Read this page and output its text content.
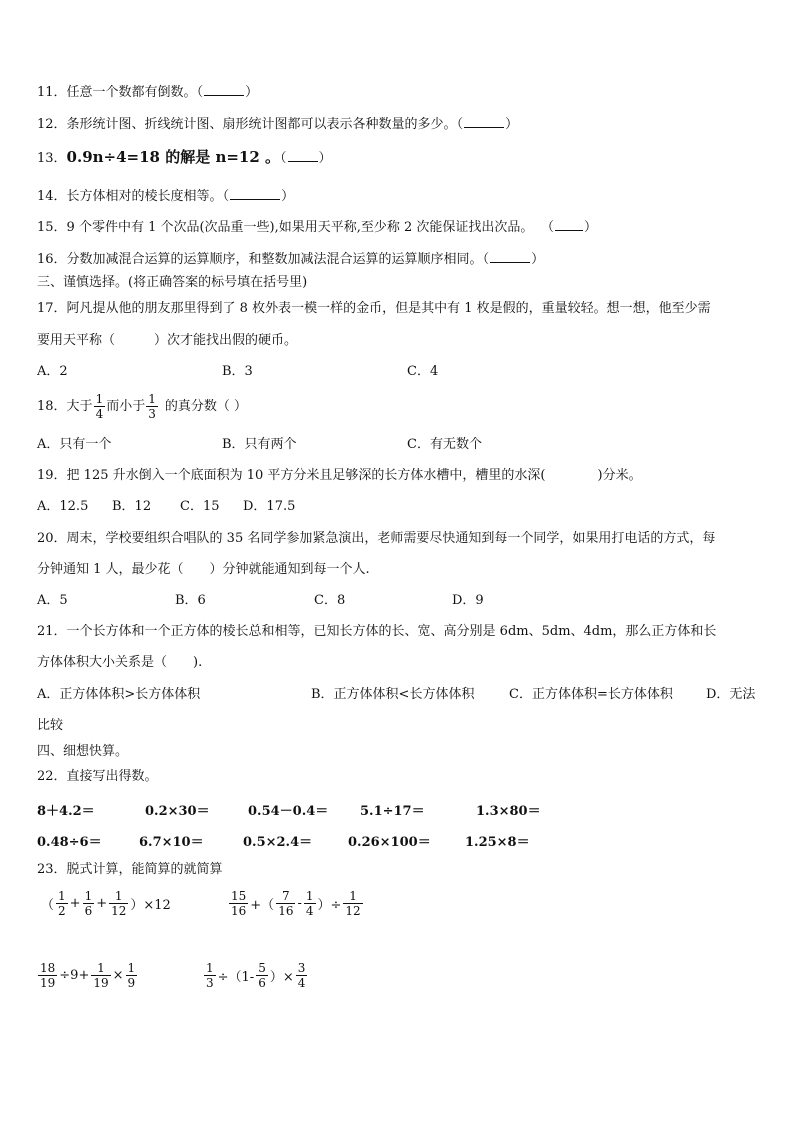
11．任意一个数都有倒数。（	）
12．条形统计图、折线统计图、扇形统计图都可以表示各种数量的多少。（	）
13．0.9n÷4=18 的解是 n=12 。（ ）
14．长方体相对的棱长度相等。（	）
15．9 个零件中有 1 个次品(次品重一些),如果用天平称,至少称 2 次能保证找出次品。 （ ）
16．分数加减混合运算的运算顺序，和整数加减法混合运算的运算顺序相同。（	）
三、谨慎选择。(将正确答案的标号填在括号里)
17．阿凡提从他的朋友那里得到了 8 枚外表一模一样的金币，但是其中有 1 枚是假的，重量较轻。想一想，他至少需
要用天平称（　　　）次才能找出假的硬币。
A．2	B．3	C．4
18． 大于 $\frac{1}{4}$ 而小于 $\frac{1}{3}$ 的真分数（ ）
A．只有一个	B．只有两个	C．有无数个
19．把 125 升水倒入一个底面积为 10 平方分米且足够深的长方体水槽中，槽里的水深(　　　　)分米。
A．12.5 B．12 C．15 D．17.5
20．周末，学校要组织合唱队的 35 名同学参加紧急演出，老师需要尽快通知到每一个同学，如果用打电话的方式，每
分钟通知 1 人，最少花（　　）分钟就能通知到每一个人.
A．5	B．6	C．8	D．9
21．一个长方体和一个正方体的棱长总和相等，已知长方体的长、宽、高分别是 6dm、5dm、4dm，那么正方体和长
方体体积大小关系是（　　).
A．正方体体积>长方体体积	B．正方体体积<长方体体积	C．正方体体积=长方体体积	D．无法
比较
四、细想快算。
22．直接写出得数。
8＋4.2＝	0.2×30＝	0.54－0.4＝ 5.1÷17＝	1.3×80＝
0.48÷6＝	6.7×10＝	0.5×2.4＝	0.26×100＝	1.25×8＝
23．脱式计算，能简算的就简算
（ $\frac{1}{2} + \frac{1}{6} + \frac{1}{12} )\times 12$	$\frac{15}{16}$ +（ $\frac{7}{16} - \frac{1}{4}$ ）÷ $\frac{1}{12}$
$\frac{18}{19} \div 9+ \frac{1}{19} \times \frac{1}{9}$	$\frac{1}{3} \div(1- \frac{5}{6}$ ）× $\frac{3}{4}$
